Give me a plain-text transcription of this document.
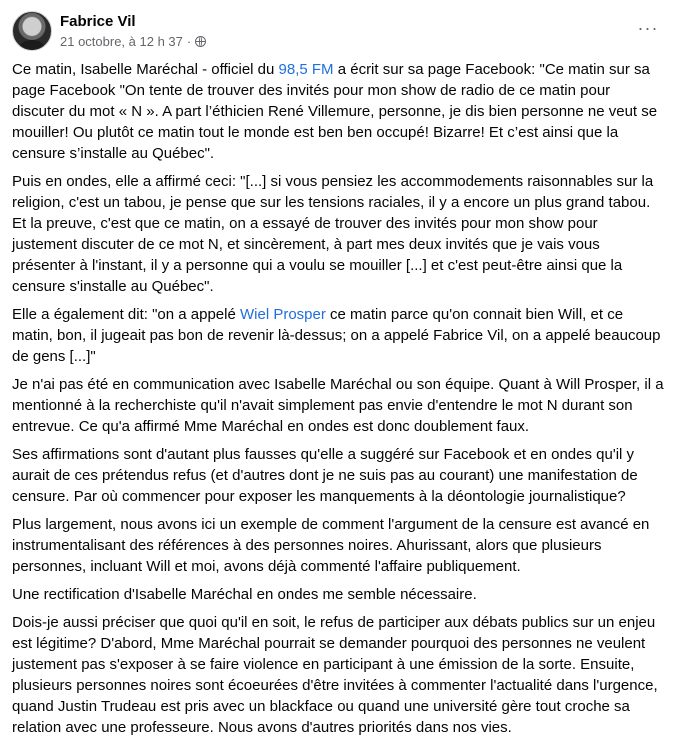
Fabrice Vil
21 octobre, à 12 h 37 ·
···

Ce matin, Isabelle Maréchal - officiel du 98,5 FM a écrit sur sa page Facebook: "Ce matin sur sa page Facebook "On tente de trouver des invités pour mon show de radio de ce matin pour discuter du mot « N ». A part l’éthicien René Villemure, personne, je dis bien personne ne veut se mouiller! Ou plutôt ce matin tout le monde est ben ben occupé! Bizarre! Et c’est ainsi que la censure s’installe au Québec".

Puis en ondes, elle a affirmé ceci: "[...] si vous pensiez les accommodements raisonnables sur la religion, c'est un tabou, je pense que sur les tensions raciales, il y a encore un plus grand tabou. Et la preuve, c'est que ce matin, on a essayé de trouver des invités pour mon show pour justement discuter de ce mot N, et sincèrement, à part mes deux invités que je vais vous présenter à l'instant, il y a personne qui a voulu se mouiller [...] et c'est peut-être ainsi que la censure s'installe au Québec".

Elle a également dit: "on a appelé Wiel Prosper ce matin parce qu'on connait bien Will, et ce matin, bon, il jugeait pas bon de revenir là-dessus; on a appelé Fabrice Vil, on a appelé beaucoup de gens [...]"

Je n'ai pas été en communication avec Isabelle Maréchal ou son équipe. Quant à Will Prosper, il a mentionné à la recherchiste qu'il n'avait simplement pas envie d'entendre le mot N durant son entrevue. Ce qu'a affirmé Mme Maréchal en ondes est donc doublement faux.

Ses affirmations sont d'autant plus fausses qu'elle a suggéré sur Facebook et en ondes qu'il y aurait de ces prétendus refus (et d'autres dont je ne suis pas au courant) une manifestation de censure. Par où commencer pour exposer les manquements à la déontologie journalistique?

Plus largement, nous avons ici un exemple de comment l'argument de la censure est avancé en instrumentalisant des références à des personnes noires. Ahurissant, alors que plusieurs personnes, incluant Will et moi, avons déjà commenté l'affaire publiquement.

Une rectification d'Isabelle Maréchal en ondes me semble nécessaire.

Dois-je aussi préciser que quoi qu'il en soit, le refus de participer aux débats publics sur un enjeu est légitime? D'abord, Mme Maréchal pourrait se demander pourquoi des personnes ne veulent justement pas s'exposer à se faire violence en participant à une émission de la sorte. Ensuite, plusieurs personnes noires sont écoeurées d'être invitées à commenter l'actualité dans l'urgence, quand Justin Trudeau est pris avec un blackface ou quand une université gère tout croche sa relation avec une professeure. Nous avons d'autres priorités dans nos vies.
